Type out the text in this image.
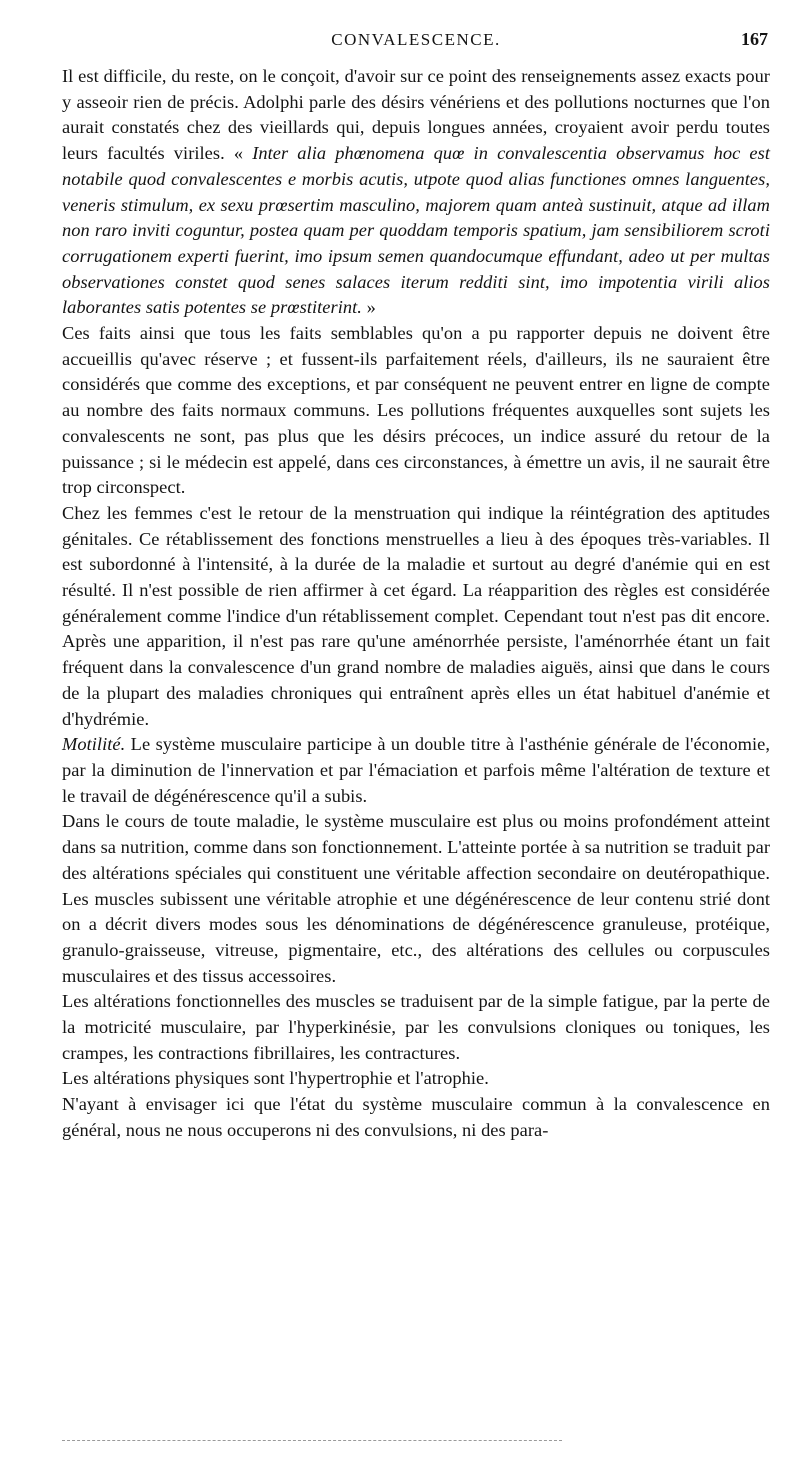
CONVALESCENCE.	167

Il est difficile, du reste, on le conçoit, d'avoir sur ce point des renseignements assez exacts pour y asseoir rien de précis. Adolphi parle des désirs vénériens et des pollutions nocturnes que l'on aurait constatés chez des vieillards qui, depuis longues années, croyaient avoir perdu toutes leurs facultés viriles. « Inter alia phœnomena quœ in convalescentia observamus hoc est notabile quod convalescentes e morbis acutis, utpote quod alias functiones omnes languentes, veneris stimulum, ex sexu prœsertim masculino, majorem quam anteà sustinuit, atque ad illam non raro inviti coguntur, postea quam per quoddam temporis spatium, jam sensibiliorem scroti corrugationem experti fuerint, imo ipsum semen quandocumque effundant, adeo ut per multas observationes constet quod senes salaces iterum redditi sint, imo impotentia virili alios laborantes satis potentes se prœstiterint. »

Ces faits ainsi que tous les faits semblables qu'on a pu rapporter depuis ne doivent être accueillis qu'avec réserve ; et fussent-ils parfaitement réels, d'ailleurs, ils ne sauraient être considérés que comme des exceptions, et par conséquent ne peuvent entrer en ligne de compte au nombre des faits normaux communs. Les pollutions fréquentes auxquelles sont sujets les convalescents ne sont, pas plus que les désirs précoces, un indice assuré du retour de la puissance ; si le médecin est appelé, dans ces circonstances, à émettre un avis, il ne saurait être trop circonspect.

Chez les femmes c'est le retour de la menstruation qui indique la réintégration des aptitudes génitales. Ce rétablissement des fonctions menstruelles a lieu à des époques très-variables. Il est subordonné à l'intensité, à la durée de la maladie et surtout au degré d'anémie qui en est résulté. Il n'est possible de rien affirmer à cet égard. La réapparition des règles est considérée généralement comme l'indice d'un rétablissement complet. Cependant tout n'est pas dit encore. Après une apparition, il n'est pas rare qu'une aménorrhée persiste, l'aménorrhée étant un fait fréquent dans la convalescence d'un grand nombre de maladies aiguës, ainsi que dans le cours de la plupart des maladies chroniques qui entraînent après elles un état habituel d'anémie et d'hydrémie.

Motilité. Le système musculaire participe à un double titre à l'asthénie générale de l'économie, par la diminution de l'innervation et par l'émaciation et parfois même l'altération de texture et le travail de dégénérescence qu'il a subis.

Dans le cours de toute maladie, le système musculaire est plus ou moins profondément atteint dans sa nutrition, comme dans son fonctionnement. L'atteinte portée à sa nutrition se traduit par des altérations spéciales qui constituent une véritable affection secondaire on deutéropathique. Les muscles subissent une véritable atrophie et une dégénérescence de leur contenu strié dont on a décrit divers modes sous les dénominations de dégénérescence granuleuse, protéique, granulo-graisseuse, vitreuse, pigmentaire, etc., des altérations des cellules ou corpuscules musculaires et des tissus accessoires.

Les altérations fonctionnelles des muscles se traduisent par de la simple fatigue, par la perte de la motricité musculaire, par l'hyperkinésie, par les convulsions cloniques ou toniques, les crampes, les contractions fibrillaires, les contractures.

Les altérations physiques sont l'hypertrophie et l'atrophie.

N'ayant à envisager ici que l'état du système musculaire commun à la convalescence en général, nous ne nous occuperons ni des convulsions, ni des para-
